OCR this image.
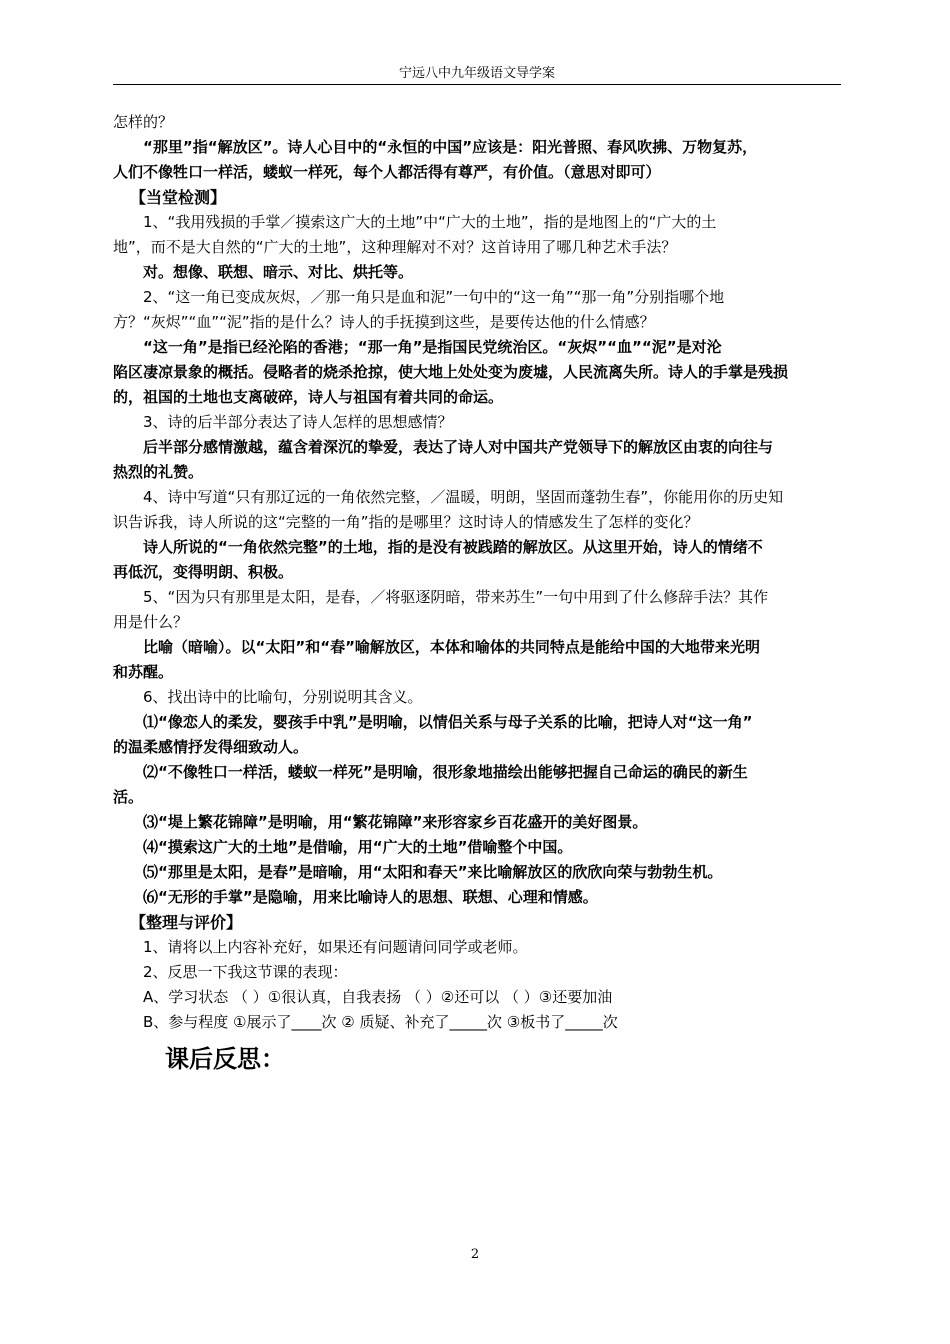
宁远八中九年级语文导学案
怎样的？
“那里”指“解放区”。诗人心目中的“永恒的中国”应该是：阳光普照、春风吹拂、万物复苏，
人们不像牲口一样活，蝼蚁一样死，每个人都活得有尊严，有价值。（意思对即可）
【当堂检测】
1、“我用残损的手掌／摸索这广大的土地”中“广大的土地”，指的是地图上的“广大的土
地”，而不是大自然的“广大的土地”，这种理解对不对？这首诗用了哪几种艺术手法？
对。想像、联想、暗示、对比、烘托等。
2、“这一角已变成灰烬，／那一角只是血和泥”一句中的“这一角”“那一角”分别指哪个地
方？“灰烬”“血”“泥”指的是什么？诗人的手抚摸到这些，是要传达他的什么情感？
“这一角”是指已经沦陷的香港；“那一角”是指国民党统治区。“灰烬”“血”“泥”是对沦
陷区凄凉景象的概括。侵略者的烧杀抢掠，使大地上处处变为废墟，人民流离失所。诗人的手掌是残损
的，祖国的土地也支离破碎，诗人与祖国有着共同的命运。
3、诗的后半部分表达了诗人怎样的思想感情？
后半部分感情激越，蕴含着深沉的挚爱，表达了诗人对中国共产党领导下的解放区由衷的向往与
热烈的礼赞。
4、诗中写道“只有那辽远的一角依然完整，／温暖，明朗，坚固而蓬勃生春”，你能用你的历史知
识告诉我，诗人所说的这“完整的一角”指的是哪里？这时诗人的情感发生了怎样的变化？
诗人所说的“一角依然完整”的土地，指的是没有被践踏的解放区。从这里开始，诗人的情绪不
再低沉，变得明朗、积极。
5、“因为只有那里是太阳，是春，／将驱逐阴暗，带来苏生”一句中用到了什么修辞手法？其作
用是什么？
比喻（暗喻）。以“太阳”和“春”喻解放区，本体和喻体的共同特点是能给中国的大地带来光明
和苏醒。
6、找出诗中的比喻句，分别说明其含义。
⑴“像恋人的柔发，婴孩手中乳”是明喻，以情侣关系与母子关系的比喻，把诗人对“这一角”
的温柔感情抒发得细致动人。
⑵“不像牲口一样活，蝼蚁一样死”是明喻，很形象地描绘出能够把握自己命运的确民的新生
活。
⑶“堤上繁花锦障”是明喻，用“繁花锦障”来形容家乡百花盛开的美好图景。
⑷“摸索这广大的土地”是借喻，用“广大的土地”借喻整个中国。
⑸“那里是太阳，是春”是暗喻，用“太阳和春天”来比喻解放区的欣欣向荣与勃勃生机。
⑹“无形的手掌”是隐喻，用来比喻诗人的思想、联想、心理和情感。
【整理与评价】
1、请将以上内容补充好，如果还有问题请问同学或老师。
2、反思一下我这节课的表现：
A、学习状态 （ ）①很认真，自我表扬 （ ）②还可以 （ ）③还要加油
B、参与程度 ①展示了____次 ② 质疑、补充了_____次 ③板书了_____次
课后反思：
2
